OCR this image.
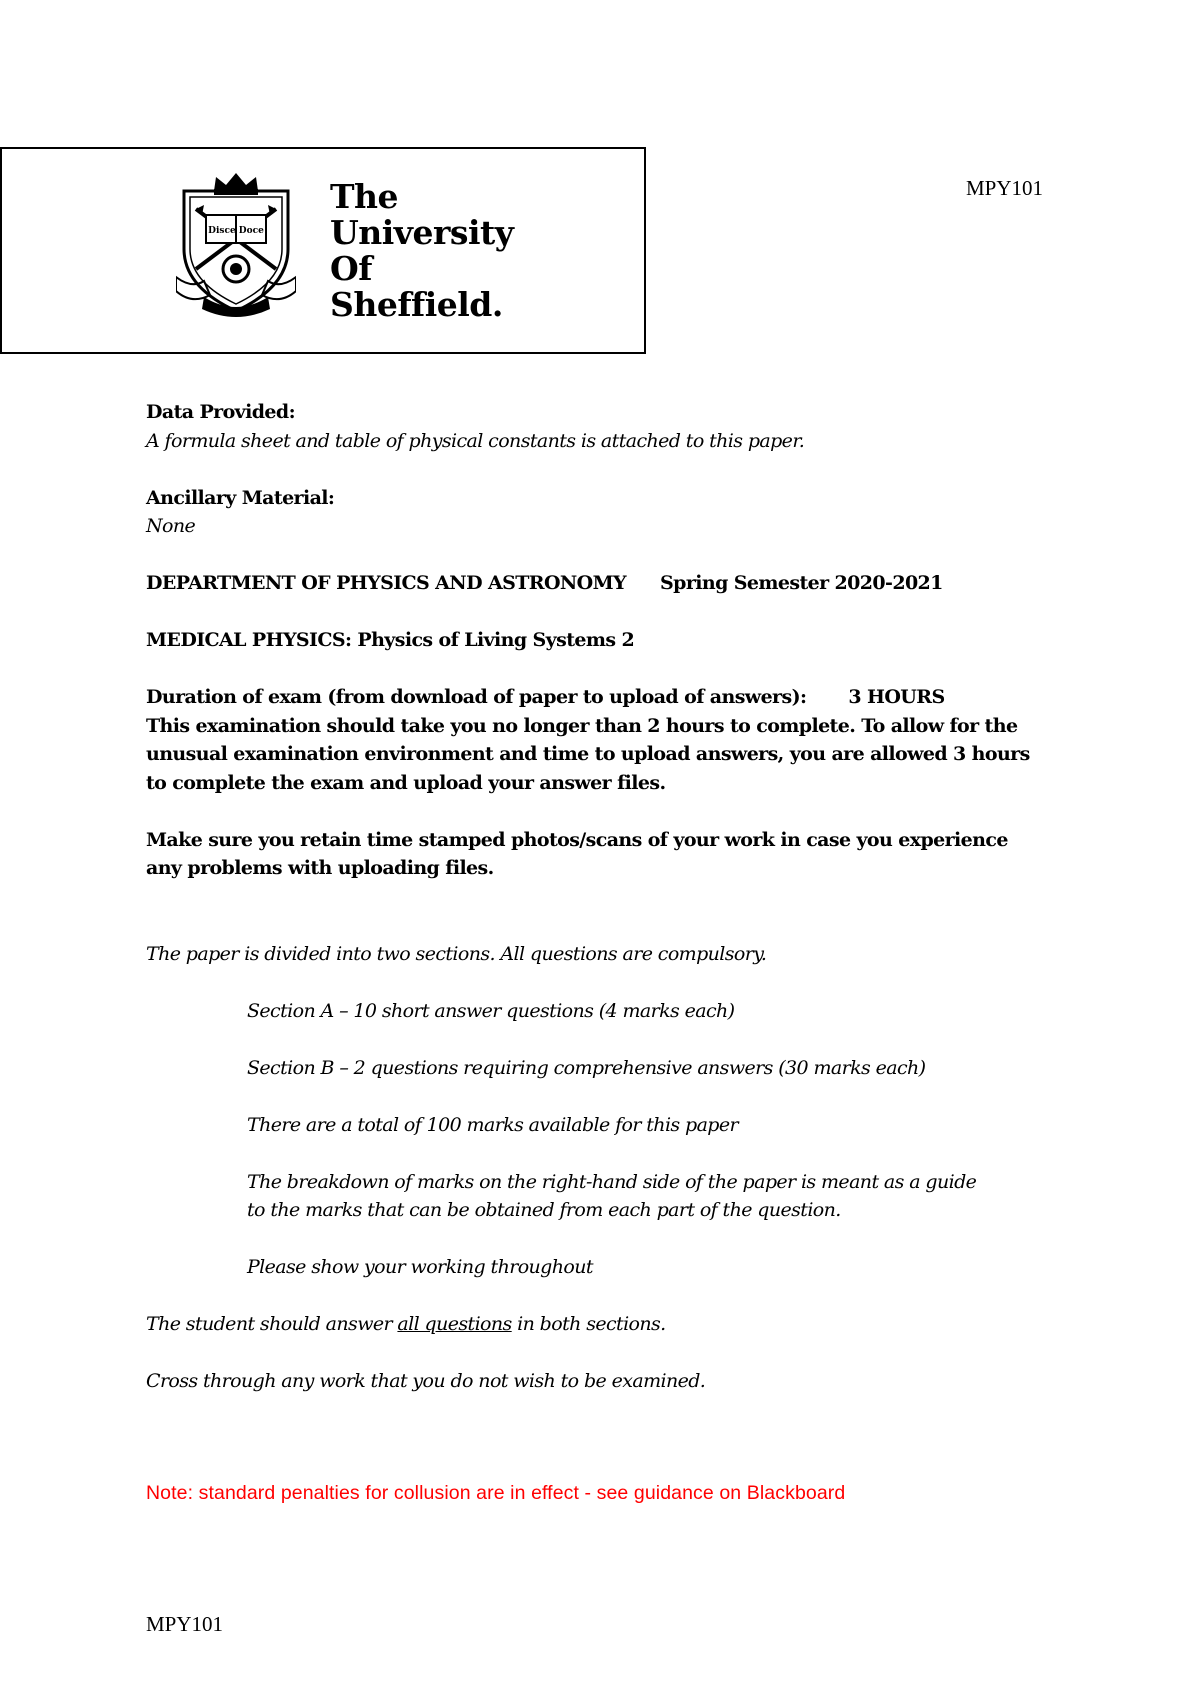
Disce Doce
The
University
Of
Sheffield.
MPY101

Data Provided:

A formula sheet and table of physical constants is attached to this paper.

Ancillary Material:

None

DEPARTMENT OF PHYSICS AND ASTRONOMY Spring Semester 2020-2021

MEDICAL PHYSICS: Physics of Living Systems 2

Duration of exam (from download of paper to upload of answers): 3 HOURS

This examination should take you no longer than 2 hours to complete. To allow for the

unusual examination environment and time to upload answers, you are allowed 3 hours

to complete the exam and upload your answer files.

Make sure you retain time stamped photos/scans of your work in case you experience

any problems with uploading files.

The paper is divided into two sections. All questions are compulsory.

Section A – 10 short answer questions (4 marks each)

Section B – 2 questions requiring comprehensive answers (30 marks each)

There are a total of 100 marks available for this paper

The breakdown of marks on the right-hand side of the paper is meant as a guide

to the marks that can be obtained from each part of the question.

Please show your working throughout

The student should answer all questions in both sections.

Cross through any work that you do not wish to be examined.

Note: standard penalties for collusion are in effect - see guidance on Blackboard
MPY101
